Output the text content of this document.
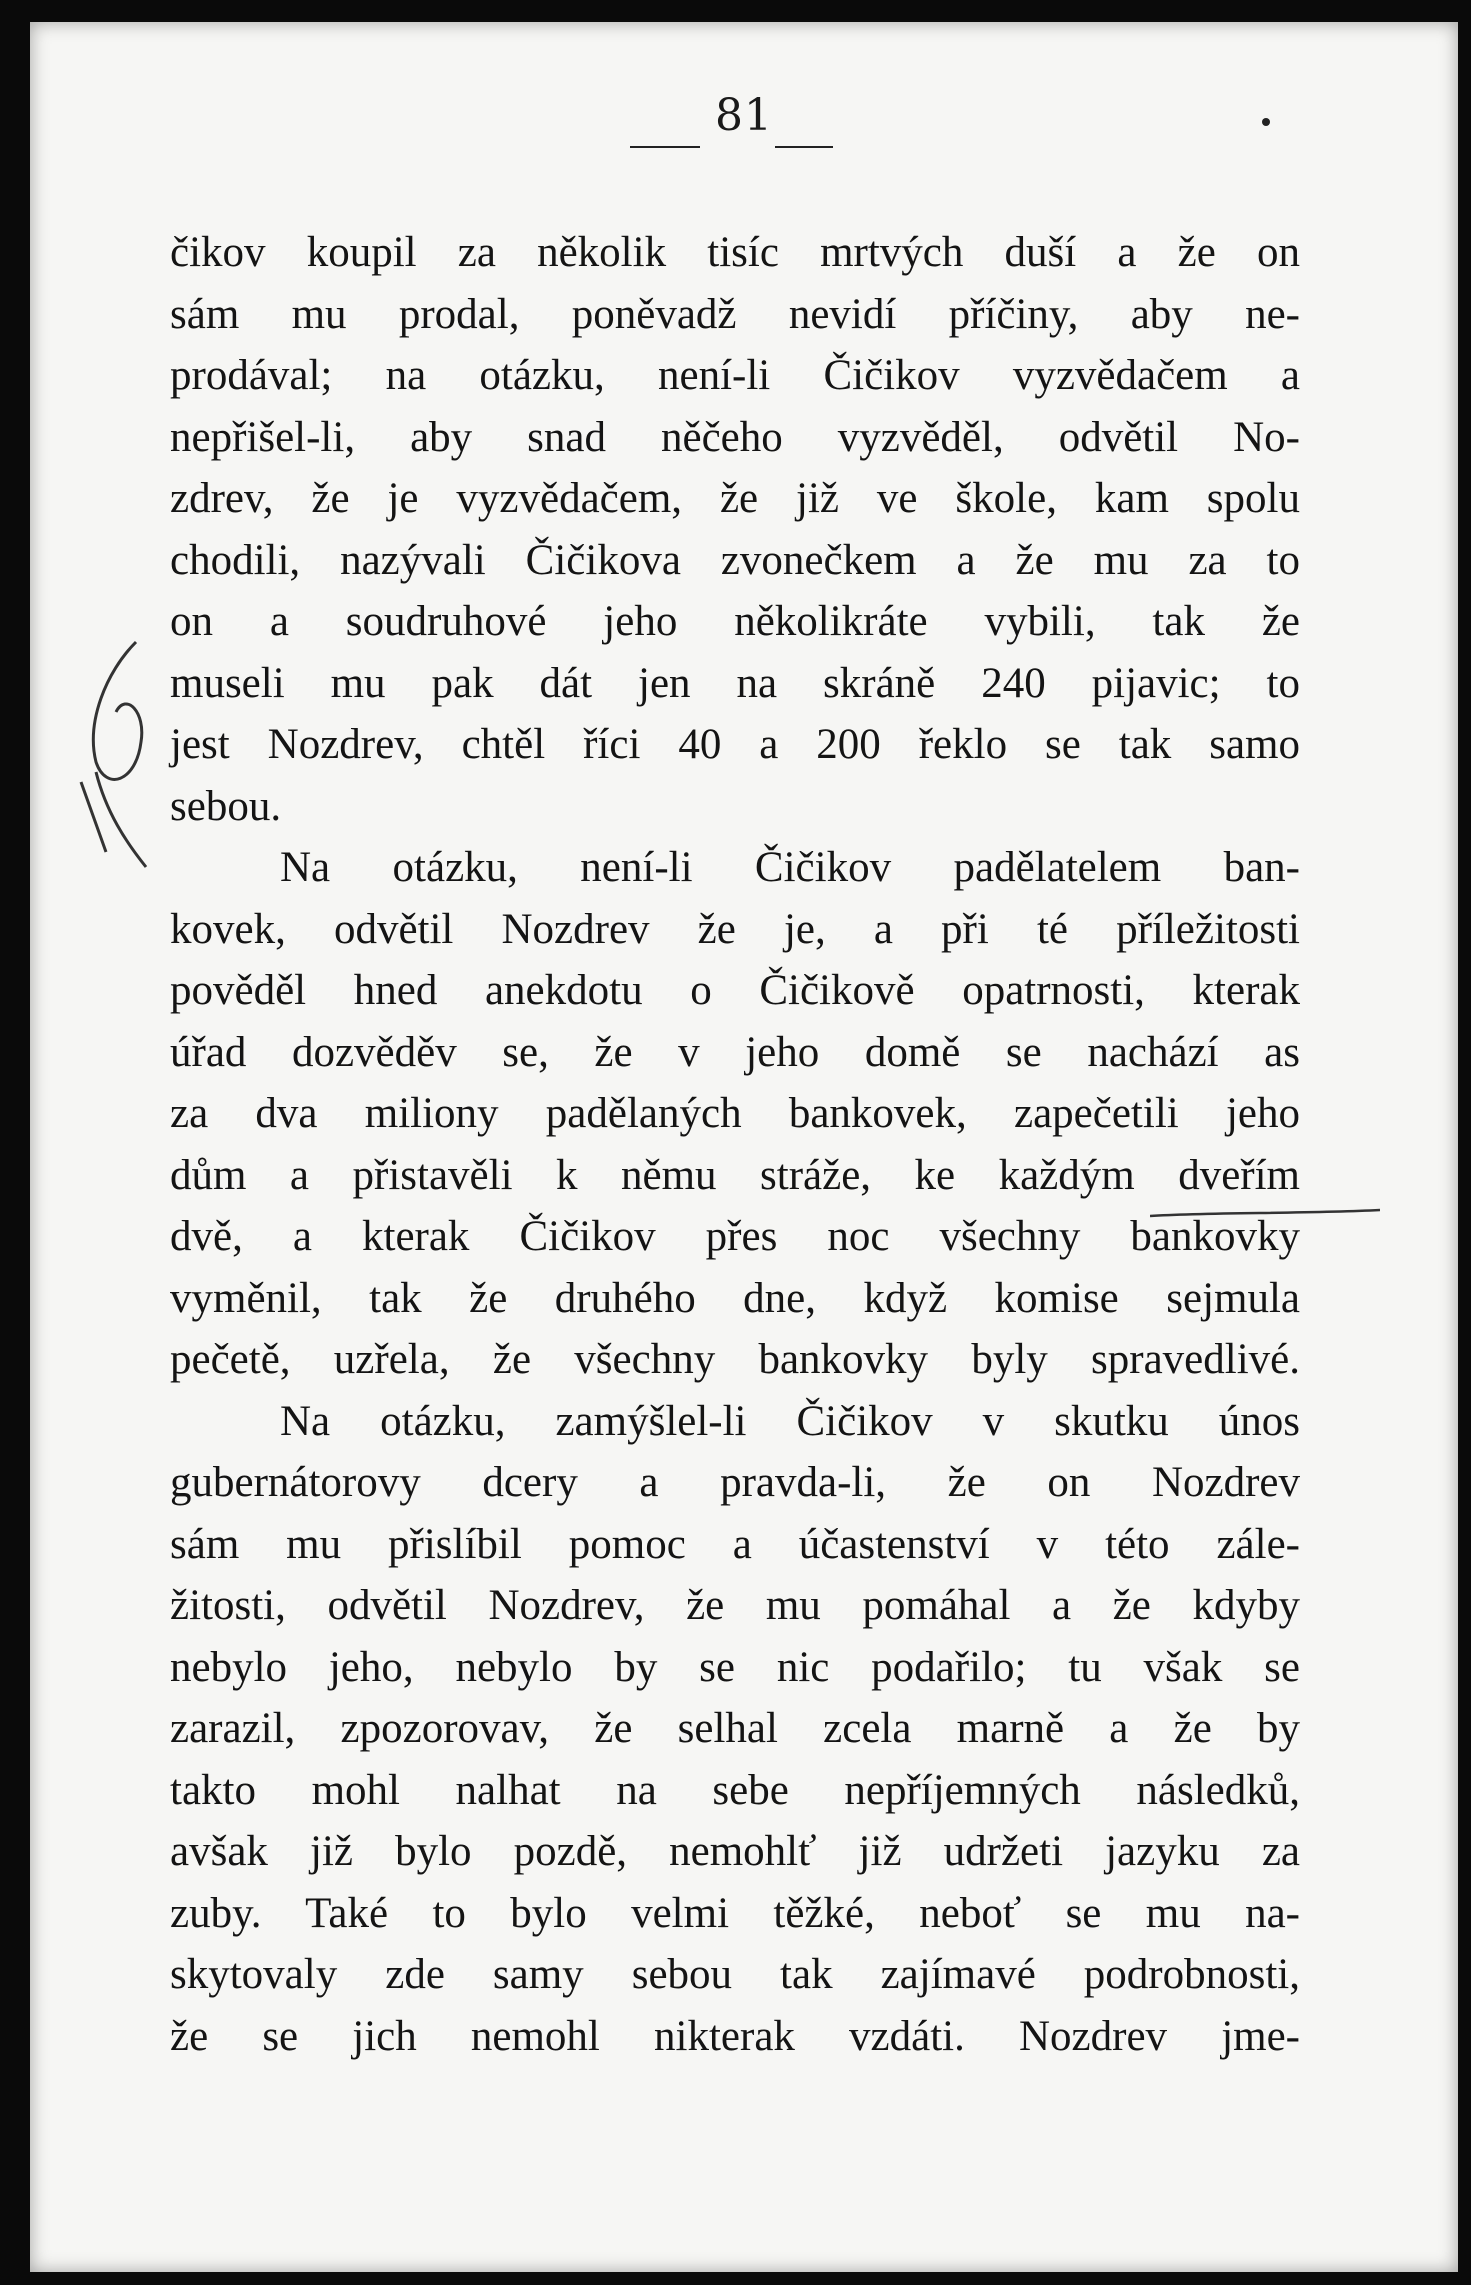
81
čikov koupil za několik tisíc mrtvých duší a že on
sám mu prodal, poněvadž nevidí příčiny, aby ne-
prodával; na otázku, není-li Čičikov vyzvědačem a
nepřišel-li, aby snad něčeho vyzvěděl, odvětil No-
zdrev, že je vyzvědačem, že již ve škole, kam spolu
chodili, nazývali Čičikova zvonečkem a že mu za to
on a soudruhové jeho několikráte vybili, tak že
museli mu pak dát jen na skráně 240 pijavic; to
jest Nozdrev, chtěl říci 40 a 200 řeklo se tak samo
sebou.
Na otázku, není-li Čičikov padělatelem ban-
kovek, odvětil Nozdrev že je, a při té příležitosti
pověděl hned anekdotu o Čičikově opatrnosti, kterak
úřad dozvěděv se, že v jeho domě se nachází as
za dva miliony padělaných bankovek, zapečetili jeho
dům a přistavěli k němu stráže, ke každým dveřím
dvě, a kterak Čičikov přes noc všechny bankovky
vyměnil, tak že druhého dne, když komise sejmula
pečetě, uzřela, že všechny bankovky byly spravedlivé.
Na otázku, zamýšlel-li Čičikov v skutku únos
gubernátorovy dcery a pravda-li, že on Nozdrev
sám mu přislíbil pomoc a účastenství v této zále-
žitosti, odvětil Nozdrev, že mu pomáhal a že kdyby
nebylo jeho, nebylo by se nic podařilo; tu však se
zarazil, zpozorovav, že selhal zcela marně a že by
takto mohl nalhat na sebe nepříjemných následků,
avšak již bylo pozdě, nemohlť již udržeti jazyku za
zuby. Také to bylo velmi těžké, neboť se mu na-
skytovaly zde samy sebou tak zajímavé podrobnosti,
že se jich nemohl nikterak vzdáti. Nozdrev jme-
